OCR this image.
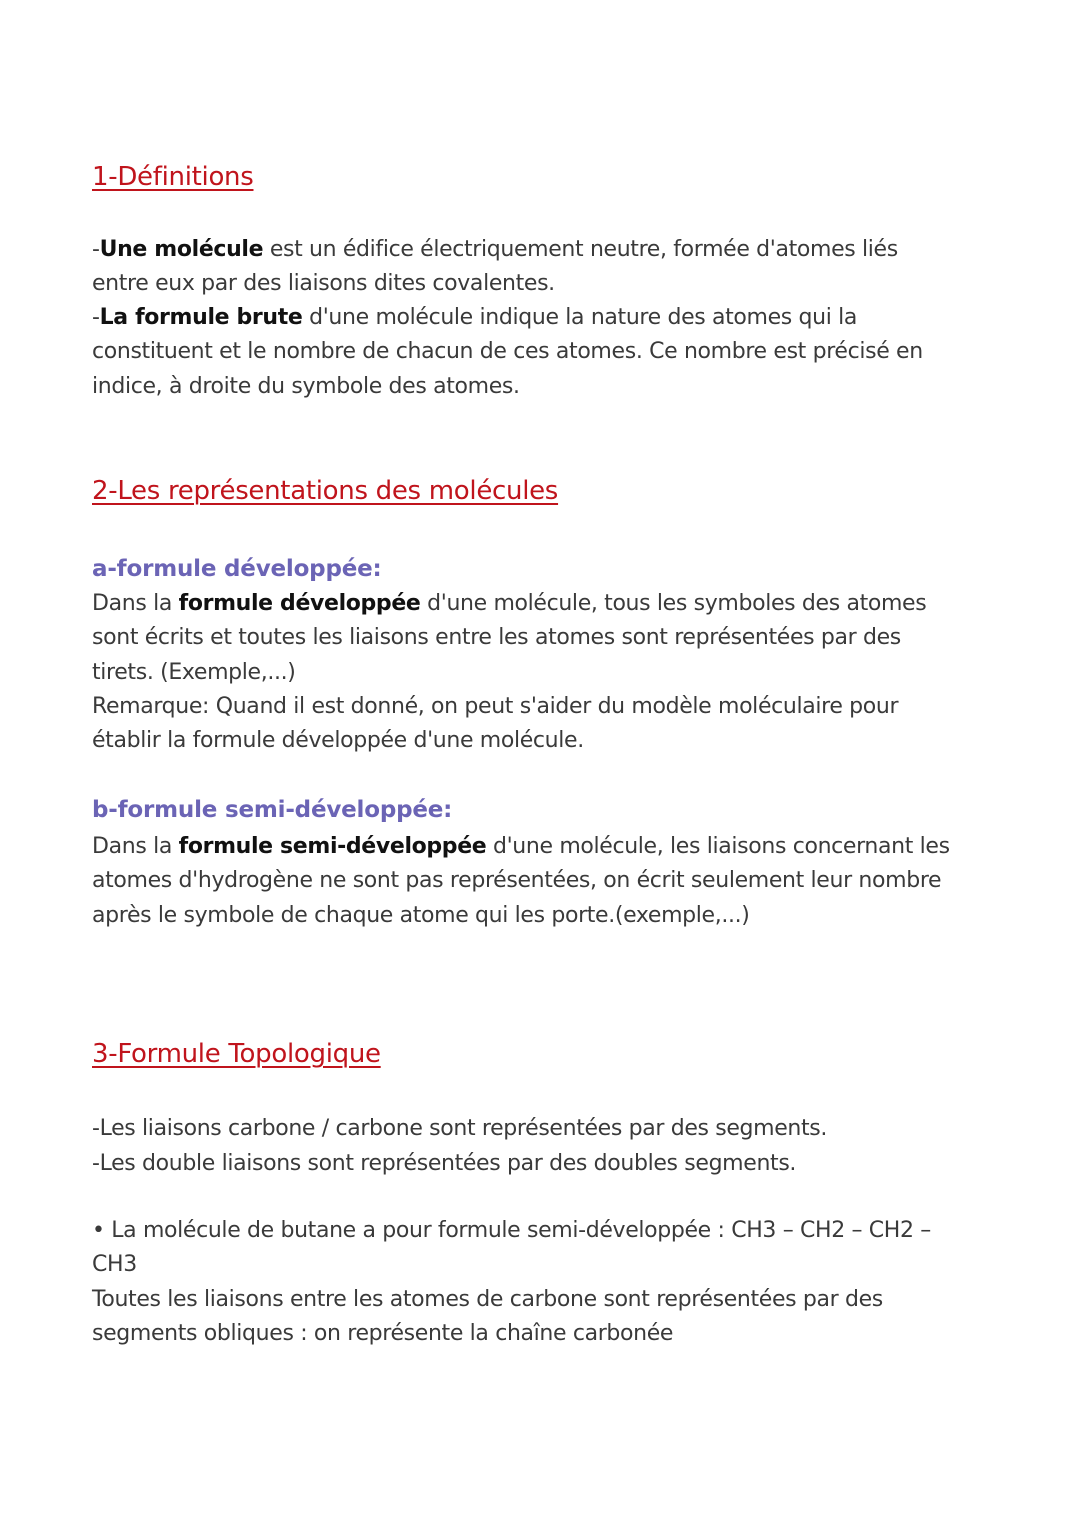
1-Définitions

-Une molécule est un édifice électriquement neutre, formée d'atomes liés entre eux par des liaisons dites covalentes.

-La formule brute d'une molécule indique la nature des atomes qui la constituent et le nombre de chacun de ces atomes. Ce nombre est précisé en indice, à droite du symbole des atomes.

2-Les représentations des molécules
a-formule développée:

Dans la formule développée d'une molécule, tous les symboles des atomes sont écrits et toutes les liaisons entre les atomes sont représentées par des tirets. (Exemple,...)

Remarque: Quand il est donné, on peut s'aider du modèle moléculaire pour établir la formule développée d'une molécule.

b-formule semi-développée:

Dans la formule semi-développée d'une molécule, les liaisons concernant les atomes d'hydrogène ne sont pas représentées, on écrit seulement leur nombre après le symbole de chaque atome qui les porte.(exemple,...)

3-Formule Topologique

-Les liaisons carbone / carbone sont représentées par des segments.

-Les double liaisons sont représentées par des doubles segments.

• La molécule de butane a pour formule semi-développée : CH3 – CH2 – CH2 – CH3

Toutes les liaisons entre les atomes de carbone sont représentées par des segments obliques : on représente la chaîne carbonée
